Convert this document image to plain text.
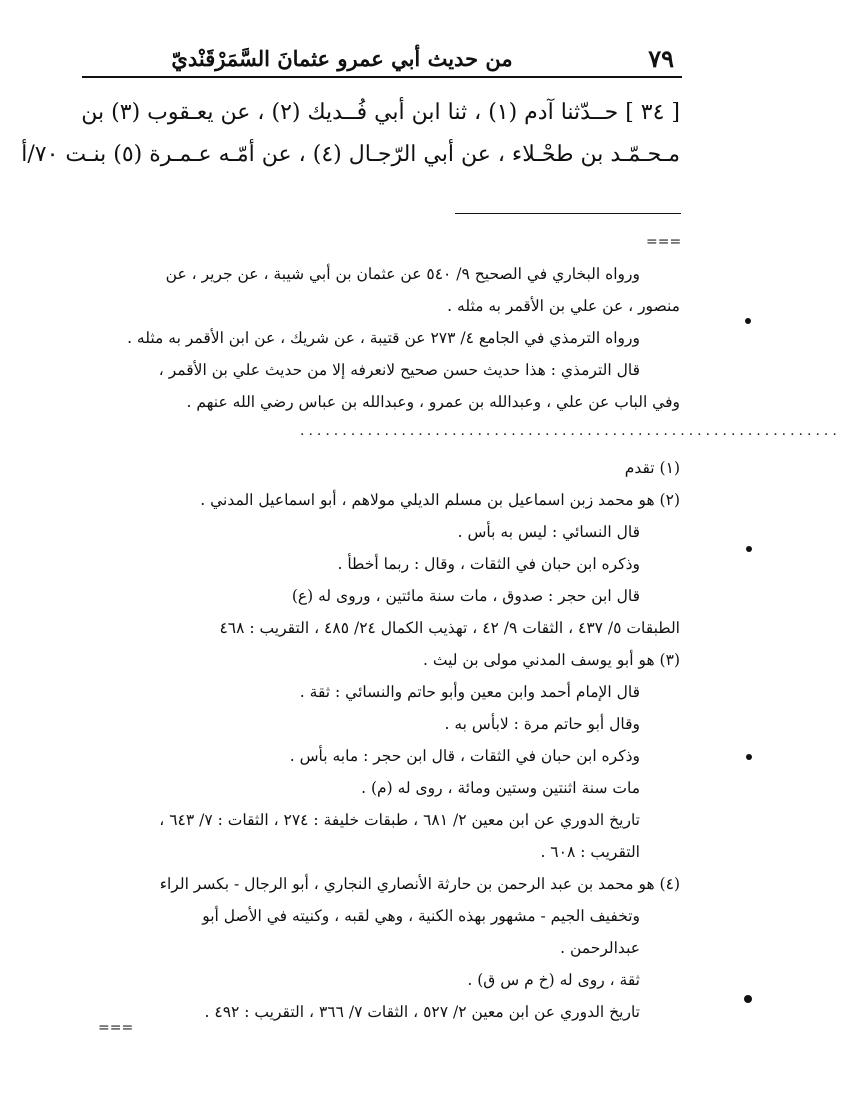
من حديث أبي عمرو عثمانَ السَّمَرْقَنْديّ	٧٩
[ ٣٤ ] حــدّثنا آدم (١) ، ثنا ابن أبي فُــديك (٢) ، عن يعـقوب (٣) بن
مـحـمّـد بن طحْـلاء ، عن أبي الرّجـال (٤) ، عن أمّـه عـمـرة (٥) بنـت ٧٠/أ
===

ورواه البخاري في الصحيح ٩/ ٥٤٠ عن عثمان بن أبي شيبة ، عن جرير ، عن

منصور ، عن علي بن الأقمر به مثله .

ورواه الترمذي في الجامع ٤/ ٢٧٣ عن قتيبة ، عن شريك ، عن ابن الأقمر به مثله .

قال الترمذي : هذا حديث حسن صحيح لانعرفه إلا من حديث علي بن الأقمر ،

وفي الباب عن علي ، وعبدالله بن عمرو ، وعبدالله بن عباس رضي الله عنهم .

................................................................

(١) تقدم

(٢) هو محمد زبن اسماعيل بن مسلم الديلي مولاهم ، أبو اسماعيل المدني .

قال النسائي : ليس به بأس .

وذكره ابن حبان في الثقات ، وقال : ربما أخطأ .

قال ابن حجر : صدوق ، مات سنة مائتين ، وروى له (ع)

الطبقات ٥/ ٤٣٧ ، الثقات ٩/ ٤٢ ، تهذيب الكمال ٢٤/ ٤٨٥ ، التقريب : ٤٦٨

(٣) هو أبو يوسف المدني مولى بن ليث .

قال الإمام أحمد وابن معين وأبو حاتم والنسائي : ثقة .

وقال أبو حاتم مرة : لابأس به .

وذكره ابن حبان في الثقات ، قال ابن حجر : مابه بأس .

مات سنة اثنتين وستين ومائة ، روى له (م) .

تاريخ الدوري عن ابن معين ٢/ ٦٨١ ، طبقات خليفة : ٢٧٤ ، الثقات : ٧/ ٦٤٣ ،

التقريب : ٦٠٨ .

(٤) هو محمد بن عبد الرحمن بن حارثة الأنصاري النجاري ، أبو الرجال - بكسر الراء

وتخفيف الجيم - مشهور بهذه الكنية ، وهي لقبه ، وكنيته في الأصل أبو

عبدالرحمن .

ثقة ، روى له (خ م س ق) .

تاريخ الدوري عن ابن معين ٢/ ٥٢٧ ، الثقات ٧/ ٣٦٦ ، التقريب : ٤٩٢ .

===
